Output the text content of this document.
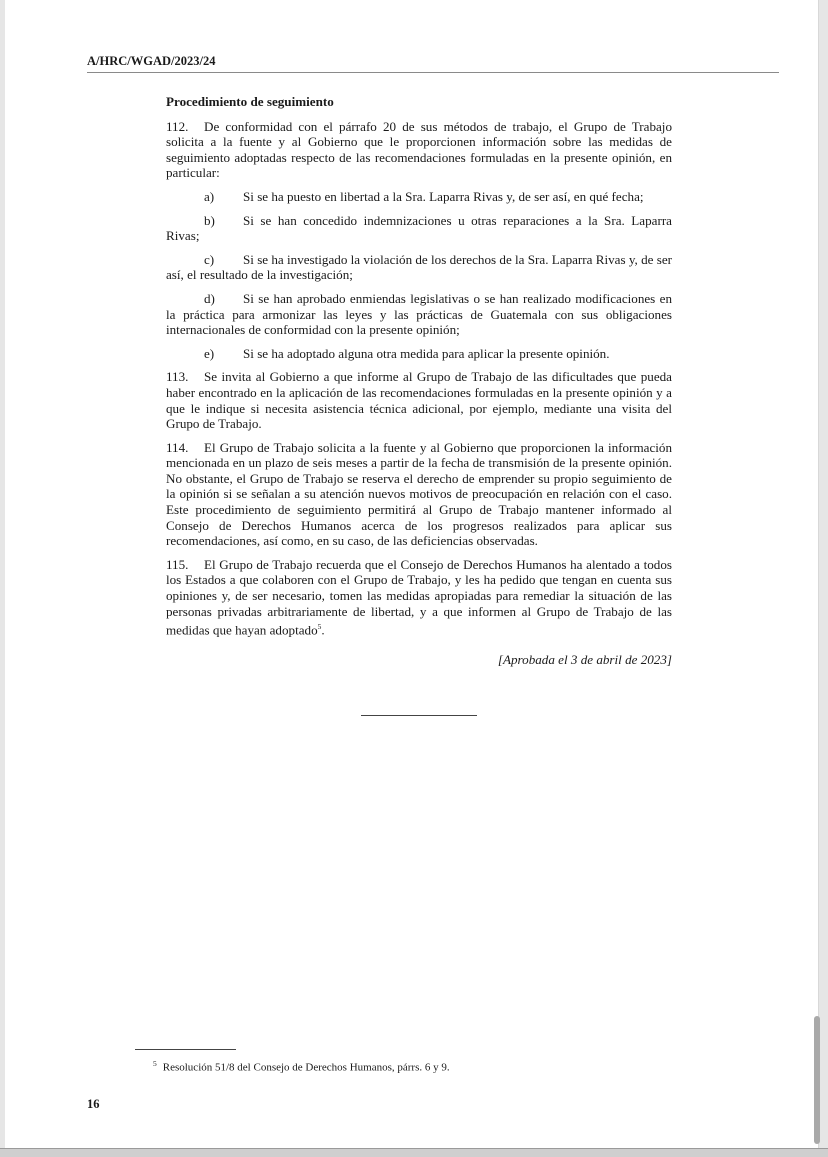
A/HRC/WGAD/2023/24
Procedimiento de seguimiento
112. De conformidad con el párrafo 20 de sus métodos de trabajo, el Grupo de Trabajo solicita a la fuente y al Gobierno que le proporcionen información sobre las medidas de seguimiento adoptadas respecto de las recomendaciones formuladas en la presente opinión, en particular:
a) Si se ha puesto en libertad a la Sra. Laparra Rivas y, de ser así, en qué fecha;
b) Si se han concedido indemnizaciones u otras reparaciones a la Sra. Laparra Rivas;
c) Si se ha investigado la violación de los derechos de la Sra. Laparra Rivas y, de ser así, el resultado de la investigación;
d) Si se han aprobado enmiendas legislativas o se han realizado modificaciones en la práctica para armonizar las leyes y las prácticas de Guatemala con sus obligaciones internacionales de conformidad con la presente opinión;
e) Si se ha adoptado alguna otra medida para aplicar la presente opinión.
113. Se invita al Gobierno a que informe al Grupo de Trabajo de las dificultades que pueda haber encontrado en la aplicación de las recomendaciones formuladas en la presente opinión y a que le indique si necesita asistencia técnica adicional, por ejemplo, mediante una visita del Grupo de Trabajo.
114. El Grupo de Trabajo solicita a la fuente y al Gobierno que proporcionen la información mencionada en un plazo de seis meses a partir de la fecha de transmisión de la presente opinión. No obstante, el Grupo de Trabajo se reserva el derecho de emprender su propio seguimiento de la opinión si se señalan a su atención nuevos motivos de preocupación en relación con el caso. Este procedimiento de seguimiento permitirá al Grupo de Trabajo mantener informado al Consejo de Derechos Humanos acerca de los progresos realizados para aplicar sus recomendaciones, así como, en su caso, de las deficiencias observadas.
115. El Grupo de Trabajo recuerda que el Consejo de Derechos Humanos ha alentado a todos los Estados a que colaboren con el Grupo de Trabajo, y les ha pedido que tengan en cuenta sus opiniones y, de ser necesario, tomen las medidas apropiadas para remediar la situación de las personas privadas arbitrariamente de libertad, y a que informen al Grupo de Trabajo de las medidas que hayan adoptado$^5$.
[Aprobada el 3 de abril de 2023]
$^5$ Resolución 51/8 del Consejo de Derechos Humanos, párrs. 6 y 9.
16
